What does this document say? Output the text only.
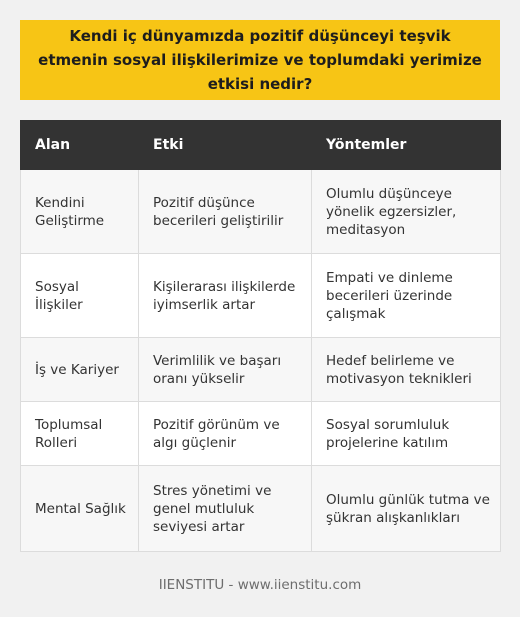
Kendi iç dünyamızda pozitif düşünceyi teşvik etmenin sosyal ilişkilerimize ve toplumdaki yerimize etkisi nedir?
Alan	Etki	Yöntemler
Kendini Geliştirme	Pozitif düşünce becerileri geliştirilir	Olumlu düşünceye yönelik egzersizler, meditasyon
Sosyal İlişkiler	Kişilerarası ilişkilerde iyimserlik artar	Empati ve dinleme becerileri üzerinde çalışmak
İş ve Kariyer	Verimlilik ve başarı oranı yükselir	Hedef belirleme ve motivasyon teknikleri
Toplumsal Rolleri	Pozitif görünüm ve algı güçlenir	Sosyal sorumluluk projelerine katılım
Mental Sağlık	Stres yönetimi ve genel mutluluk seviyesi artar	Olumlu günlük tutma ve şükran alışkanlıkları
IIENSTITU - www.iienstitu.com
